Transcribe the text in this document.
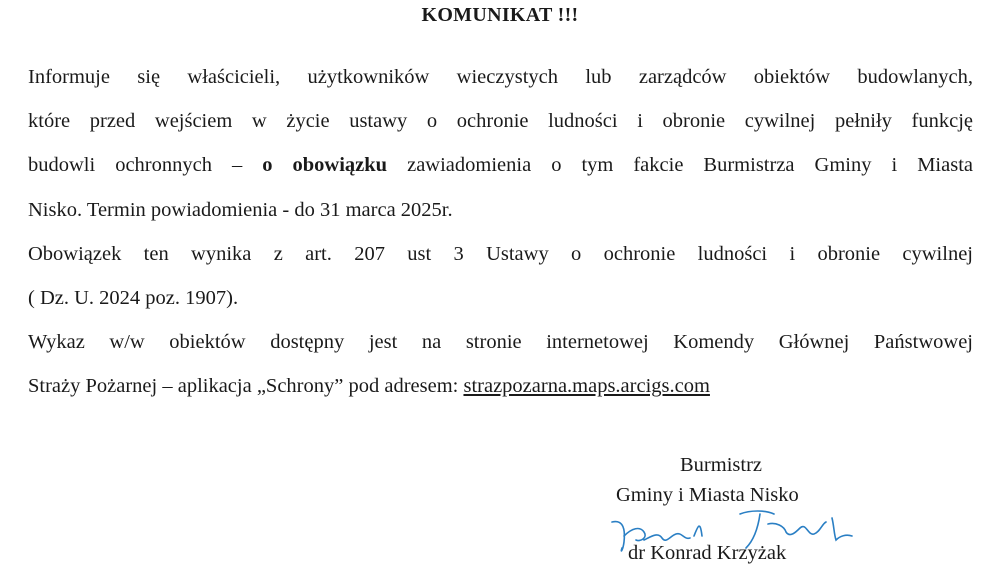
KOMUNIKAT !!!
Informuje się właścicieli, użytkowników wieczystych lub zarządców obiektów budowlanych,
które przed wejściem w życie ustawy o ochronie ludności i obronie cywilnej pełniły funkcję
budowli ochronnych – o obowiązku zawiadomienia o tym fakcie Burmistrza Gminy i Miasta
Nisko. Termin powiadomienia - do 31 marca 2025r.
Obowiązek ten wynika z art. 207 ust 3 Ustawy o ochronie ludności i obronie cywilnej
( Dz. U. 2024 poz. 1907).
Wykaz w/w obiektów dostępny jest na stronie internetowej Komendy Głównej Państwowej
Straży Pożarnej – aplikacja „Schrony” pod adresem: strazpozarna.maps.arcigs.com
Burmistrz
Gminy i Miasta Nisko
dr Konrad Krzyżak
